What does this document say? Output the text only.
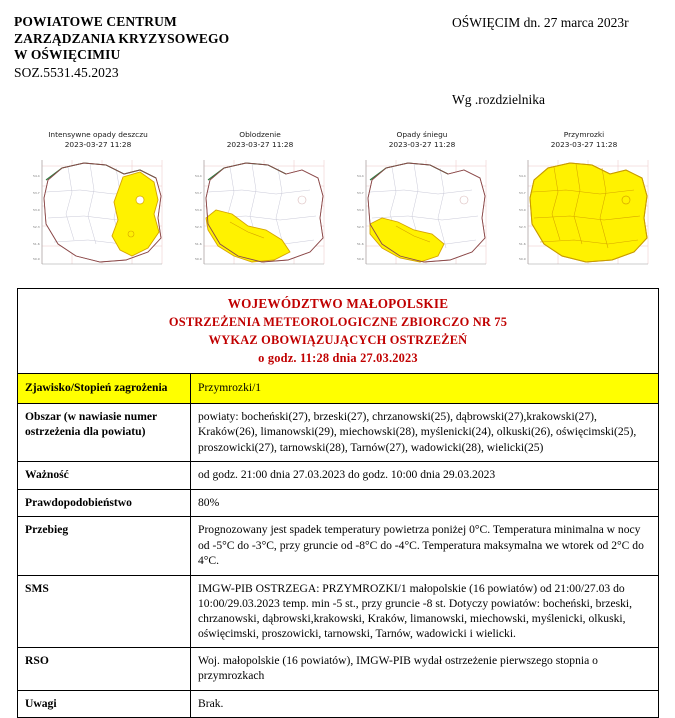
POWIATOWE CENTRUM
ZARZĄDZANIA KRYZYSOWEGO
W OŚWIĘCIMIU
SOZ.5531.45.2023
OŚWIĘCIM dn. 27 marca 2023r
Wg .rozdzielnika
Intensywne opady deszczu
2023-03-27 11:28
54.4
53.7
53.0
52.3
51.6
50.9
Oblodzenie
2023-03-27 11:28
54.4
53.7
53.0
52.3
51.6
50.9
Opady śniegu
2023-03-27 11:28
54.4
53.7
53.0
52.3
51.6
50.9
Przymrozki
2023-03-27 11:28
54.4
53.7
53.0
52.3
51.6
50.9
WOJEWÓDZTWO MAŁOPOLSKIE
OSTRZEŻENIA METEOROLOGICZNE ZBIORCZO NR 75
WYKAZ OBOWIĄZUJĄCYCH OSTRZEŻEŃ
o godz. 11:28 dnia 27.03.2023	

Zjawisko/Stopień zagrożenia	Przymrozki/1
Obszar (w nawiasie numer ostrzeżenia dla powiatu)	powiaty: bocheński(27), brzeski(27), chrzanowski(25), dąbrowski(27),krakowski(27), Kraków(26), limanowski(29), miechowski(28), myślenicki(24), olkuski(26), oświęcimski(25), proszowicki(27), tarnowski(28), Tarnów(27), wadowicki(28), wielicki(25)
Ważność	od godz. 21:00 dnia 27.03.2023 do godz. 10:00 dnia 29.03.2023
Prawdopodobieństwo	80%
Przebieg	Prognozowany jest spadek temperatury powietrza poniżej 0°C. Temperatura minimalna w nocy od -5°C do -3°C, przy gruncie od -8°C do -4°C. Temperatura maksymalna we wtorek od 2°C do 4°C.
SMS	IMGW-PIB OSTRZEGA: PRZYMROZKI/1 małopolskie (16 powiatów) od 21:00/27.03 do 10:00/29.03.2023 temp. min -5 st., przy gruncie -8 st. Dotyczy powiatów: bocheński, brzeski, chrzanowski, dąbrowski,krakowski, Kraków, limanowski, miechowski, myślenicki, olkuski, oświęcimski, proszowicki, tarnowski, Tarnów, wadowicki i wielicki.
RSO	Woj. małopolskie (16 powiatów), IMGW-PIB wydał ostrzeżenie pierwszego stopnia o przymrozkach
Uwagi	Brak.
